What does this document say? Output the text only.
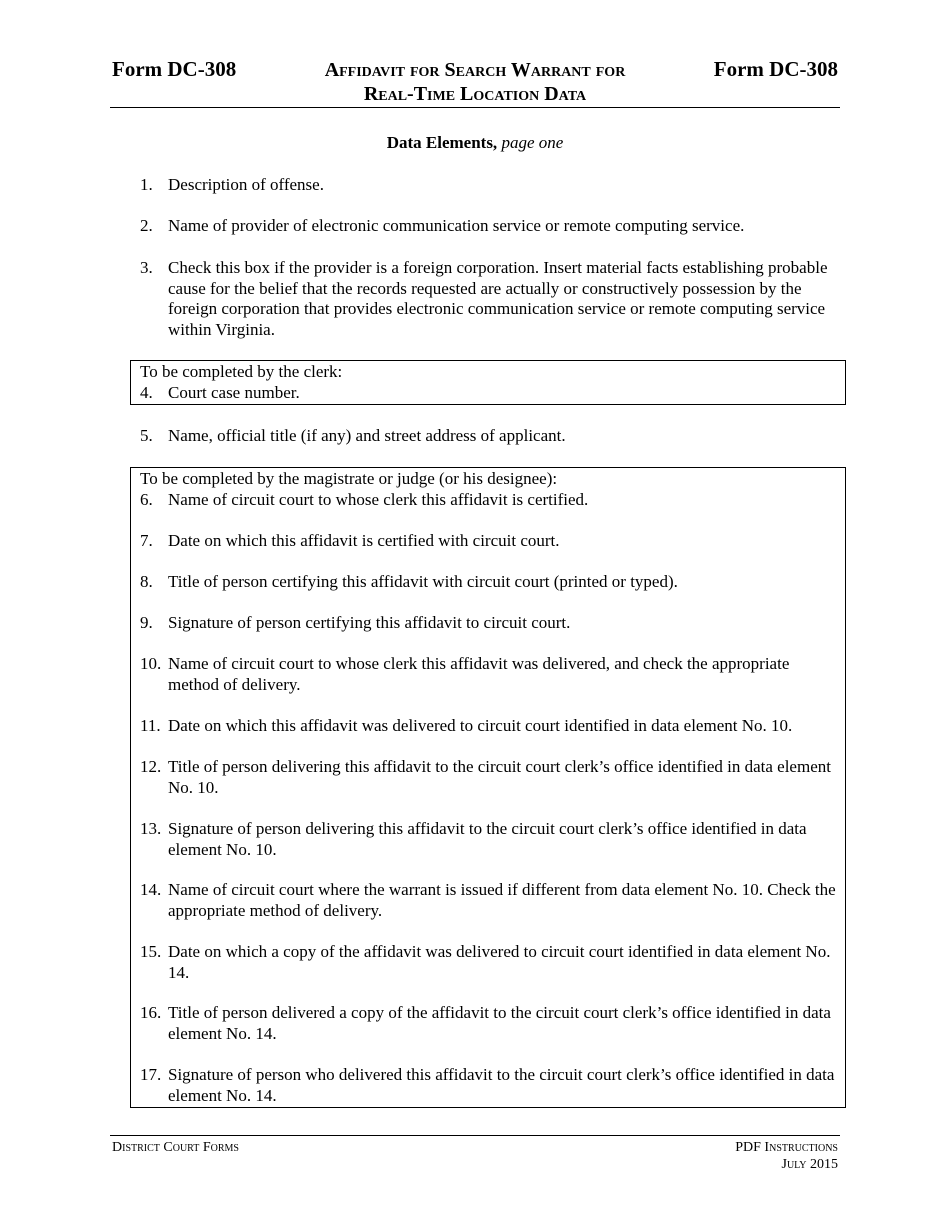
Form DC-308	Affidavit for Search Warrant for
Real-Time Location Data
Form DC-308
Data Elements, page one
1. Description of offense.
2. Name of provider of electronic communication service or remote computing service.
3. Check this box if the provider is a foreign corporation. Insert material facts establishing probable cause for the belief that the records requested are actually or constructively possession by the foreign corporation that provides electronic communication service or remote computing service within Virginia.
To be completed by the clerk:
4. Court case number.
5. Name, official title (if any) and street address of applicant.
To be completed by the magistrate or judge (or his designee):
6. Name of circuit court to whose clerk this affidavit is certified.
7. Date on which this affidavit is certified with circuit court.
8. Title of person certifying this affidavit with circuit court (printed or typed).
9. Signature of person certifying this affidavit to circuit court.
10. Name of circuit court to whose clerk this affidavit was delivered, and check the appropriate method of delivery.
11. Date on which this affidavit was delivered to circuit court identified in data element No. 10.
12. Title of person delivering this affidavit to the circuit court clerk’s office identified in data element No. 10.
13. Signature of person delivering this affidavit to the circuit court clerk’s office identified in data element No. 10.
14. Name of circuit court where the warrant is issued if different from data element No. 10. Check the appropriate method of delivery.
15. Date on which a copy of the affidavit was delivered to circuit court identified in data element No. 14.
16. Title of person delivered a copy of the affidavit to the circuit court clerk’s office identified in data element No. 14.
17. Signature of person who delivered this affidavit to the circuit court clerk’s office identified in data element No. 14.
District Court Forms	PDF Instructions
July 2015
